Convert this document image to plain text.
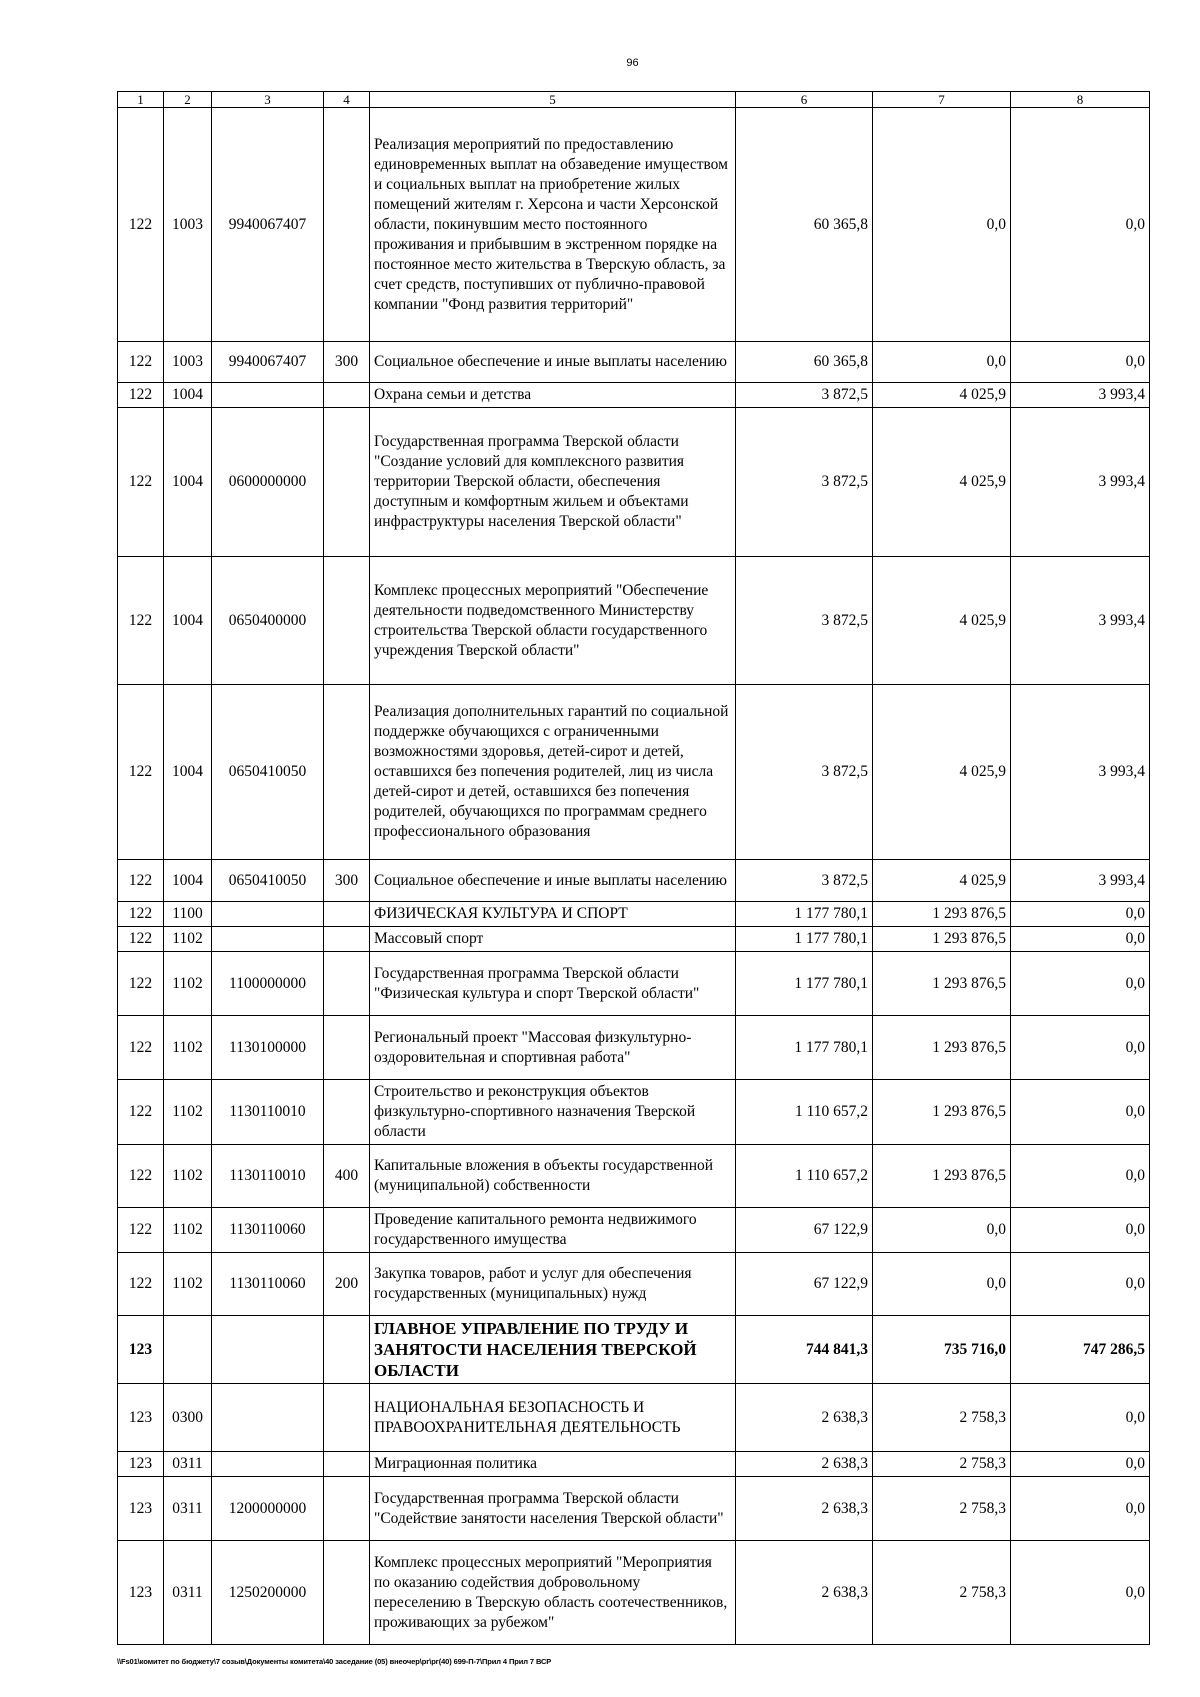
96
1	2	3	4	5	6	7	8
122	1003	9940067407		Реализация мероприятий по предоставлению единовременных выплат на обзаведение имуществом и социальных выплат на приобретение жилых помещений жителям г. Херсона и части Херсонской области, покинувшим место постоянного проживания и прибывшим в экстренном порядке на постоянное место жительства в Тверскую область, за счет средств, поступивших от публично-правовой компании "Фонд развития территорий"	60 365,8	0,0	0,0
122	1003	9940067407	300	Социальное обеспечение и иные выплаты населению	60 365,8	0,0	0,0
122	1004			Охрана семьи и детства	3 872,5	4 025,9	3 993,4
122	1004	0600000000		Государственная программа Тверской области "Создание условий для комплексного развития территории Тверской области, обеспечения доступным и комфортным жильем и объектами инфраструктуры населения Тверской области"	3 872,5	4 025,9	3 993,4
122	1004	0650400000		Комплекс процессных мероприятий "Обеспечение деятельности подведомственного Министерству строительства Тверской области государственного учреждения Тверской области"	3 872,5	4 025,9	3 993,4
122	1004	0650410050		Реализация дополнительных гарантий по социальной поддержке обучающихся с ограниченными возможностями здоровья, детей-сирот и детей, оставшихся без попечения родителей, лиц из числа детей-сирот и детей, оставшихся без попечения родителей, обучающихся по программам среднего профессионального образования	3 872,5	4 025,9	3 993,4
122	1004	0650410050	300	Социальное обеспечение и иные выплаты населению	3 872,5	4 025,9	3 993,4
122	1100			ФИЗИЧЕСКАЯ КУЛЬТУРА И СПОРТ	1 177 780,1	1 293 876,5	0,0
122	1102			Массовый спорт	1 177 780,1	1 293 876,5	0,0
122	1102	1100000000		Государственная программа Тверской области "Физическая культура и спорт Тверской области"	1 177 780,1	1 293 876,5	0,0
122	1102	1130100000		Региональный проект "Массовая физкультурно-оздоровительная и спортивная работа"	1 177 780,1	1 293 876,5	0,0
122	1102	1130110010		Строительство и реконструкция объектов физкультурно-спортивного назначения Тверской области	1 110 657,2	1 293 876,5	0,0
122	1102	1130110010	400	Капитальные вложения в объекты государственной (муниципальной) собственности	1 110 657,2	1 293 876,5	0,0
122	1102	1130110060		Проведение капитального ремонта недвижимого государственного имущества	67 122,9	0,0	0,0
122	1102	1130110060	200	Закупка товаров, работ и услуг для обеспечения государственных (муниципальных) нужд	67 122,9	0,0	0,0
123				ГЛАВНОЕ УПРАВЛЕНИЕ ПО ТРУДУ И ЗАНЯТОСТИ НАСЕЛЕНИЯ ТВЕРСКОЙ ОБЛАСТИ	744 841,3	735 716,0	747 286,5
123	0300			НАЦИОНАЛЬНАЯ БЕЗОПАСНОСТЬ И ПРАВООХРАНИТЕЛЬНАЯ ДЕЯТЕЛЬНОСТЬ	2 638,3	2 758,3	0,0
123	0311			Миграционная политика	2 638,3	2 758,3	0,0
123	0311	1200000000		Государственная программа Тверской области "Содействие занятости населения Тверской области"	2 638,3	2 758,3	0,0
123	0311	1250200000		Комплекс процессных мероприятий "Мероприятия по оказанию содействия добровольному переселению в Тверскую область соотечественников, проживающих за рубежом"	2 638,3	2 758,3	0,0
\\Fs01\комитет по бюджету\7 созыв\Документы комитета\40 заседание (05) внеочер\рг\рг(40) 699-П-7\Прил 4 Прил 7 ВСР
